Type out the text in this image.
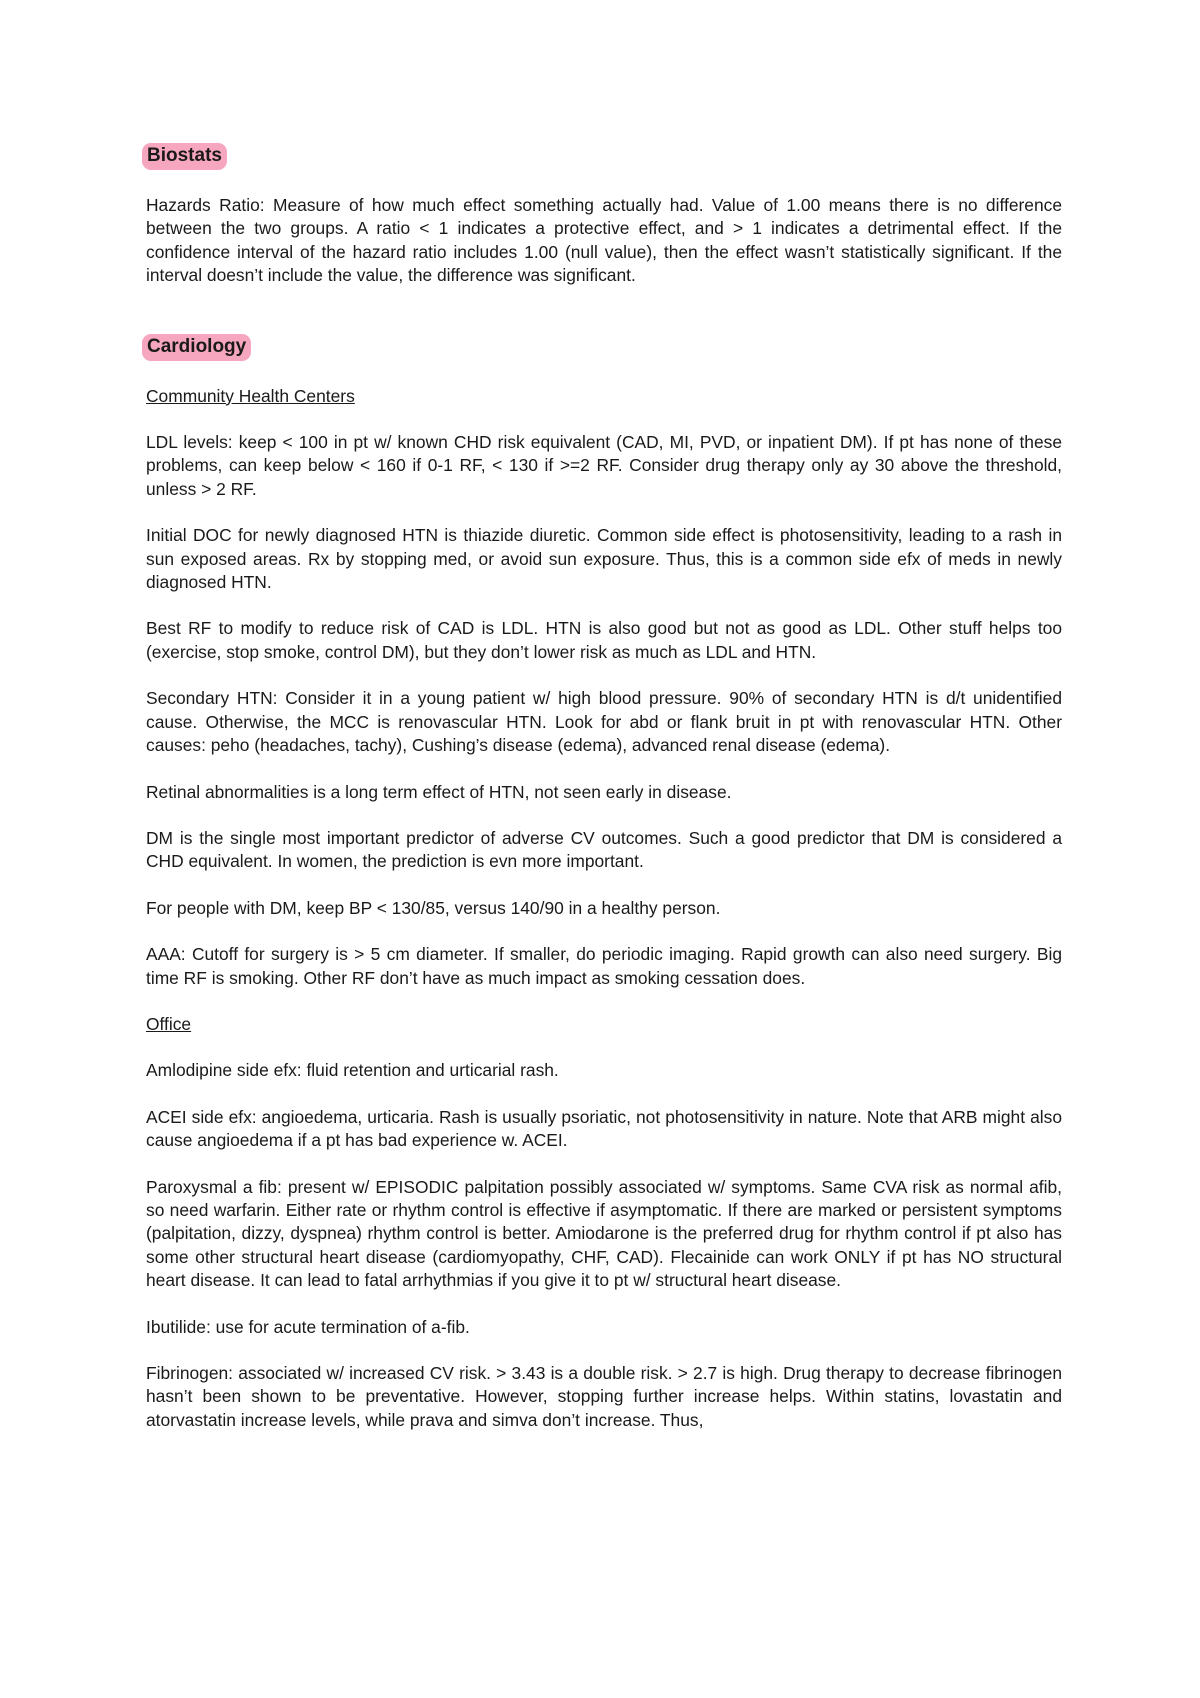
Biostats

Hazards Ratio: Measure of how much effect something actually had. Value of 1.00 means there is no difference between the two groups. A ratio < 1 indicates a protective effect, and > 1 indicates a detrimental effect. If the confidence interval of the hazard ratio includes 1.00 (null value), then the effect wasn’t statistically significant. If the interval doesn’t include the value, the difference was significant.

Cardiology

Community Health Centers

LDL levels: keep < 100 in pt w/ known CHD risk equivalent (CAD, MI, PVD, or inpatient DM). If pt has none of these problems, can keep below < 160 if 0-1 RF, < 130 if >=2 RF. Consider drug therapy only ay 30 above the threshold, unless > 2 RF.

Initial DOC for newly diagnosed HTN is thiazide diuretic. Common side effect is photosensitivity, leading to a rash in sun exposed areas. Rx by stopping med, or avoid sun exposure. Thus, this is a common side efx of meds in newly diagnosed HTN.

Best RF to modify to reduce risk of CAD is LDL. HTN is also good but not as good as LDL. Other stuff helps too (exercise, stop smoke, control DM), but they don’t lower risk as much as LDL and HTN.

Secondary HTN: Consider it in a young patient w/ high blood pressure. 90% of secondary HTN is d/t unidentified cause. Otherwise, the MCC is renovascular HTN. Look for abd or flank bruit in pt with renovascular HTN. Other causes: peho (headaches, tachy), Cushing’s disease (edema), advanced renal disease (edema).

Retinal abnormalities is a long term effect of HTN, not seen early in disease.

DM is the single most important predictor of adverse CV outcomes. Such a good predictor that DM is considered a CHD equivalent. In women, the prediction is evn more important.

For people with DM, keep BP < 130/85, versus 140/90 in a healthy person.

AAA: Cutoff for surgery is > 5 cm diameter. If smaller, do periodic imaging. Rapid growth can also need surgery. Big time RF is smoking. Other RF don’t have as much impact as smoking cessation does.

Office

Amlodipine side efx: fluid retention and urticarial rash.

ACEI side efx: angioedema, urticaria. Rash is usually psoriatic, not photosensitivity in nature. Note that ARB might also cause angioedema if a pt has bad experience w. ACEI.

Paroxysmal a fib: present w/ EPISODIC palpitation possibly associated w/ symptoms. Same CVA risk as normal afib, so need warfarin. Either rate or rhythm control is effective if asymptomatic. If there are marked or persistent symptoms (palpitation, dizzy, dyspnea) rhythm control is better. Amiodarone is the preferred drug for rhythm control if pt also has some other structural heart disease (cardiomyopathy, CHF, CAD). Flecainide can work ONLY if pt has NO structural heart disease. It can lead to fatal arrhythmias if you give it to pt w/ structural heart disease.

Ibutilide: use for acute termination of a-fib.

Fibrinogen: associated w/ increased CV risk. > 3.43 is a double risk. > 2.7 is high. Drug therapy to decrease fibrinogen hasn’t been shown to be preventative. However, stopping further increase helps. Within statins, lovastatin and atorvastatin increase levels, while prava and simva don’t increase. Thus,
